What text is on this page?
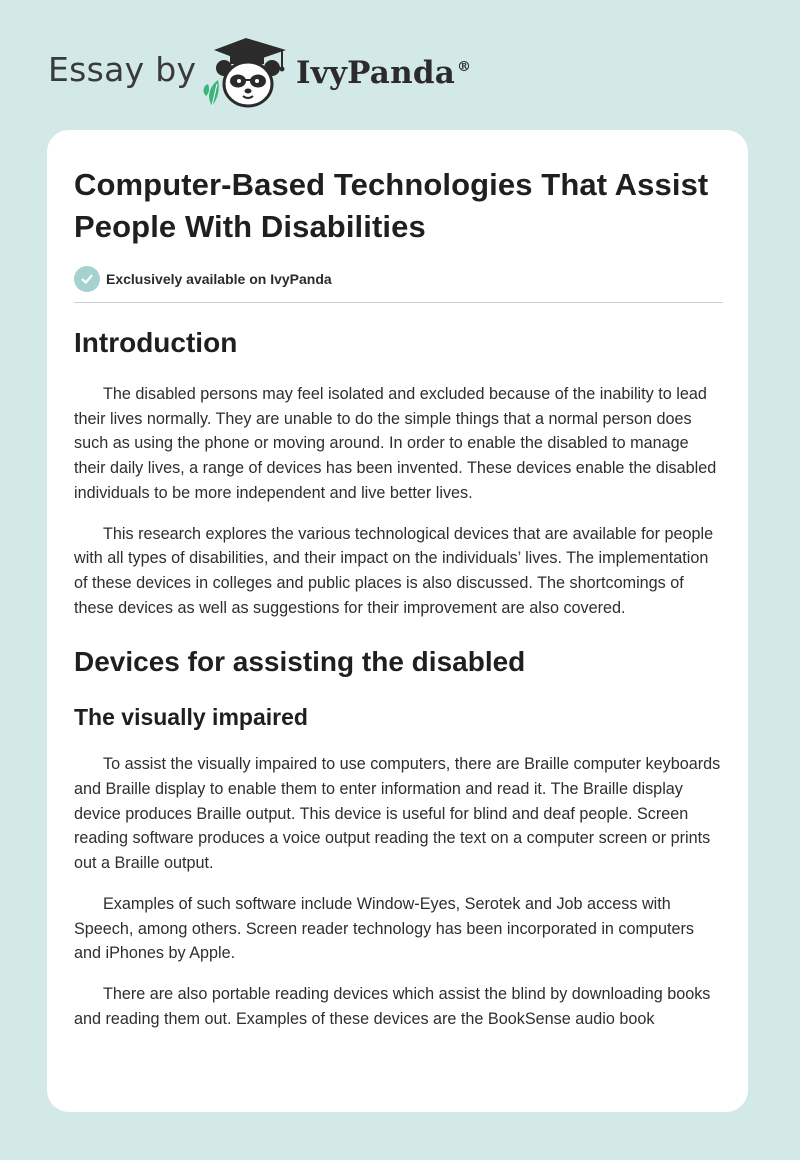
Essay by	IvyPanda ®
Computer-Based Technologies That Assist People With Disabilities
Exclusively available on IvyPanda
Introduction

The disabled persons may feel isolated and excluded because of the inability to lead their lives normally. They are unable to do the simple things that a normal person does such as using the phone or moving around. In order to enable the disabled to manage their daily lives, a range of devices has been invented. These devices enable the disabled individuals to be more independent and live better lives.

This research explores the various technological devices that are available for people with all types of disabilities, and their impact on the individuals’ lives. The implementation of these devices in colleges and public places is also discussed. The shortcomings of these devices as well as suggestions for their improvement are also covered.

Devices for assisting the disabled
The visually impaired

To assist the visually impaired to use computers, there are Braille computer keyboards and Braille display to enable them to enter information and read it. The Braille display device produces Braille output. This device is useful for blind and deaf people. Screen reading software produces a voice output reading the text on a computer screen or prints out a Braille output.

Examples of such software include Window-Eyes, Serotek and Job access with Speech, among others. Screen reader technology has been incorporated in computers and iPhones by Apple.

There are also portable reading devices which assist the blind by downloading books and reading them out. Examples of these devices are the BookSense audio book
